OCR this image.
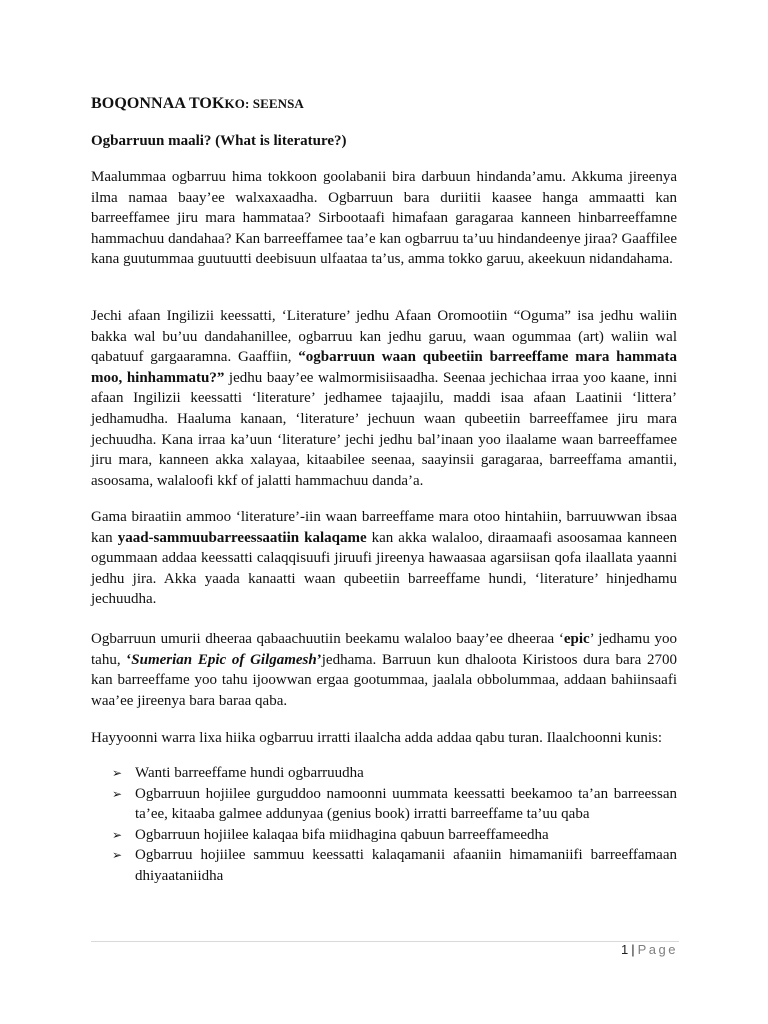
BOQONNAA TOKKO: SEENSA
Ogbarruun maali? (What is literature?)

Maalummaa ogbarruu hima tokkoon goolabanii bira darbuun hindanda’amu. Akkuma jireenya ilma namaa baay’ee walxaxaadha. Ogbarruun bara duriitii kaasee hanga ammaatti kan barreeffamee jiru mara hammataa? Sirbootaafi himafaan garagaraa kanneen hinbarreeffamne hammachuu dandahaa? Kan barreeffamee taa’e kan ogbarruu ta’uu hindandeenye jiraa? Gaaffilee kana guutummaa guutuutti deebisuun ulfaataa ta’us, amma tokko garuu, akeekuun nidandahama.

Jechi afaan Ingilizii keessatti, ‘Literature’ jedhu Afaan Oromootiin “Oguma” isa jedhu waliin bakka wal bu’uu dandahanillee, ogbarruu kan jedhu garuu, waan ogummaa (art) waliin wal qabatuuf gargaaramna. Gaaffiin, “ogbarruun waan qubeetiin barreeffame mara hammata moo, hinhammatu?” jedhu baay’ee walmormisiisaadha. Seenaa jechichaa irraa yoo kaane, inni afaan Ingilizii keessatti ‘literature’ jedhamee tajaajilu, maddi isaa afaan Laatinii ‘littera’ jedhamudha. Haaluma kanaan, ‘literature’ jechuun waan qubeetiin barreeffamee jiru mara jechuudha. Kana irraa ka’uun ‘literature’ jechi jedhu bal’inaan yoo ilaalame waan barreeffamee jiru mara, kanneen akka xalayaa, kitaabilee seenaa, saayinsii garagaraa, barreeffama amantii, asoosama, walaloofi kkf of jalatti hammachuu danda’a.

Gama biraatiin ammoo ‘literature’-iin waan barreeffame mara otoo hintahiin, barruuwwan ibsaa kan yaad-sammuubarreessaatiin kalaqame kan akka walaloo, diraamaafi asoosamaa kanneen ogummaan addaa keessatti calaqqisuufi jiruufi jireenya hawaasaa agarsiisan qofa ilaallata yaanni jedhu jira. Akka yaada kanaatti waan qubeetiin barreeffame hundi, ‘literature’ hinjedhamu jechuudha.

Ogbarruun umurii dheeraa qabaachuutiin beekamu walaloo baay’ee dheeraa ‘epic’ jedhamu yoo tahu, ‘Sumerian Epic of Gilgamesh’jedhama. Barruun kun dhaloota Kiristoos dura bara 2700 kan barreeffame yoo tahu ijoowwan ergaa gootummaa, jaalala obbolummaa, addaan bahiinsaafi waa’ee jireenya bara baraa qaba.

Hayyoonni warra lixa hiika ogbarruu irratti ilaalcha adda addaa qabu turan. Ilaalchoonni kunis:

➢ Wanti barreeffame hundi ogbarruudha
➢ Ogbarruun hojiilee gurguddoo namoonni uummata keessatti beekamoo ta’an barreessan ta’ee, kitaaba galmee addunyaa (genius book) irratti barreeffame ta’uu qaba
➢ Ogbarruun hojiilee kalaqaa bifa miidhagina qabuun barreeffameedha
➢ Ogbarruu hojiilee sammuu keessatti kalaqamanii afaaniin himamaniifi barreeffamaan dhiyaataniidha
1 | Page
